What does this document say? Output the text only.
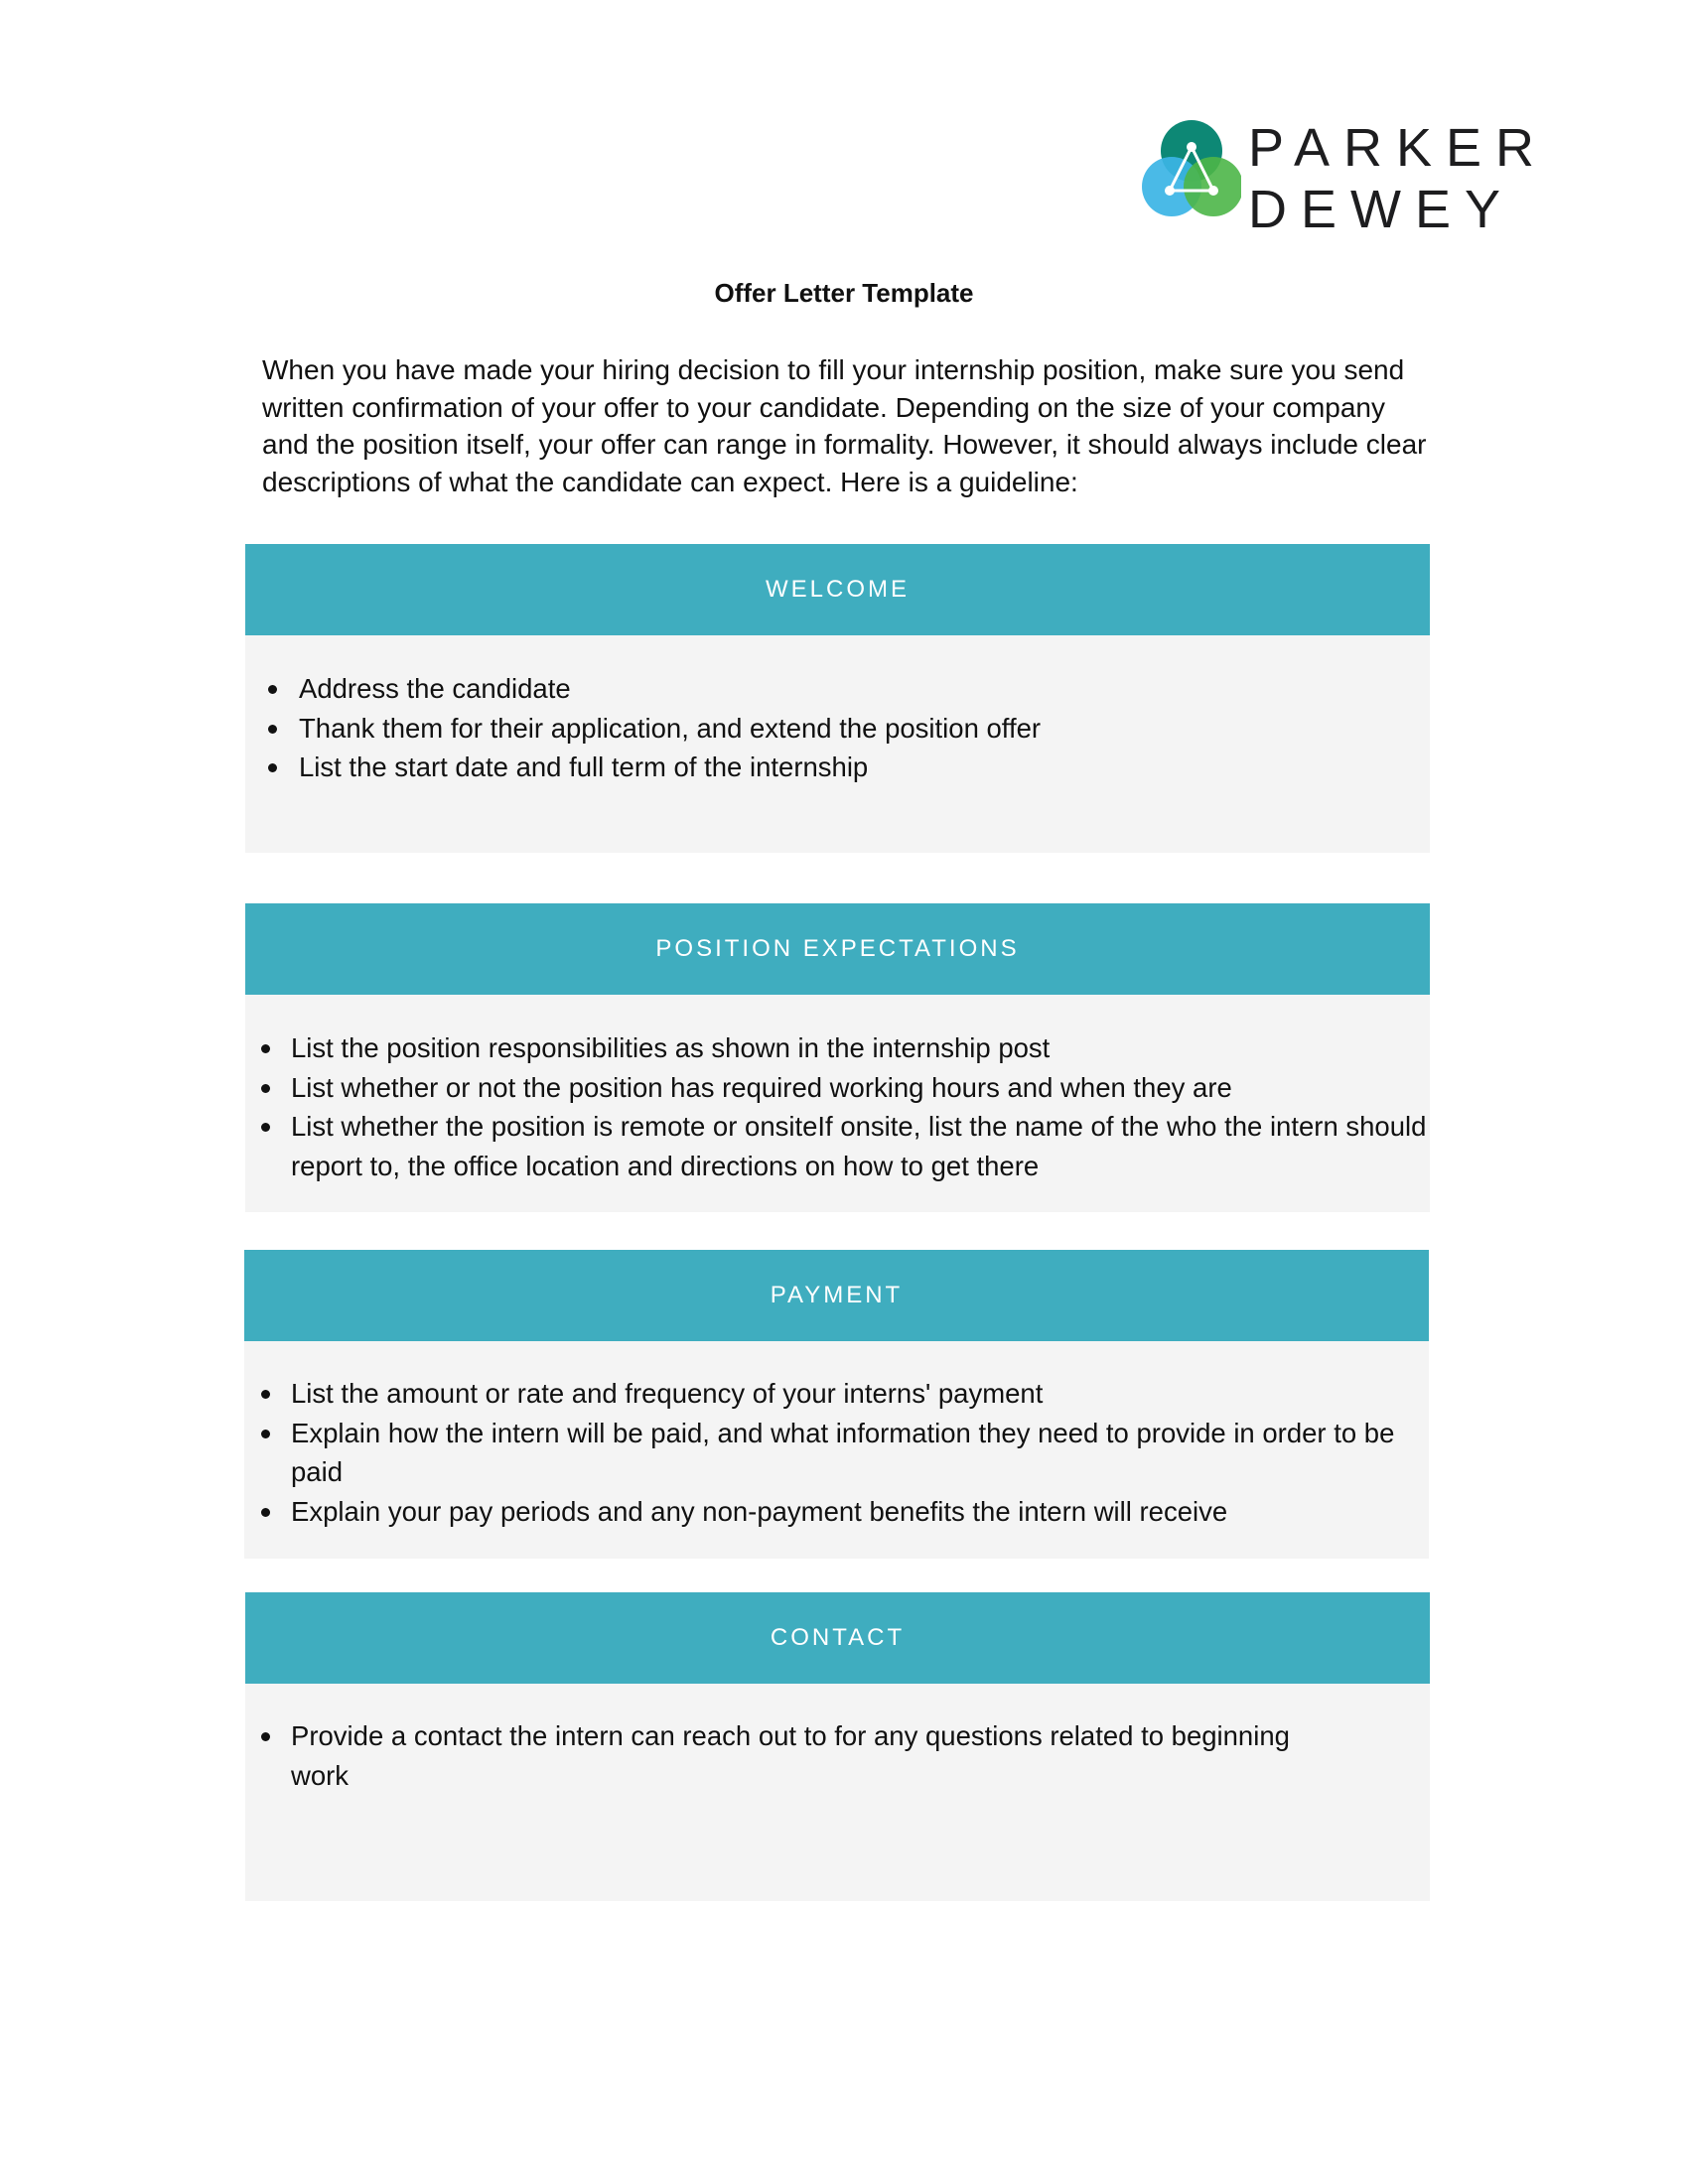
PARKER
DEWEY
Offer Letter Template

When you have made your hiring decision to fill your internship position, make sure you send written confirmation of your offer to your candidate. Depending on the size of your company and the position itself, your offer can range in formality. However, it should always include clear descriptions of what the candidate can expect. Here is a guideline:

WELCOME
Address the candidate
Thank them for their application, and extend the position offer
List the start date and full term of the internship
POSITION EXPECTATIONS
List the position responsibilities as shown in the internship post
List whether or not the position has required working hours and when they are
List whether the position is remote or onsiteIf onsite, list the name of the who the intern should report to, the office location and directions on how to get there
PAYMENT
List the amount or rate and frequency of your interns' payment
Explain how the intern will be paid, and what information they need to provide in order to be paid
Explain your pay periods and any non-payment benefits the intern will receive
CONTACT
Provide a contact the intern can reach out to for any questions related to beginning work
